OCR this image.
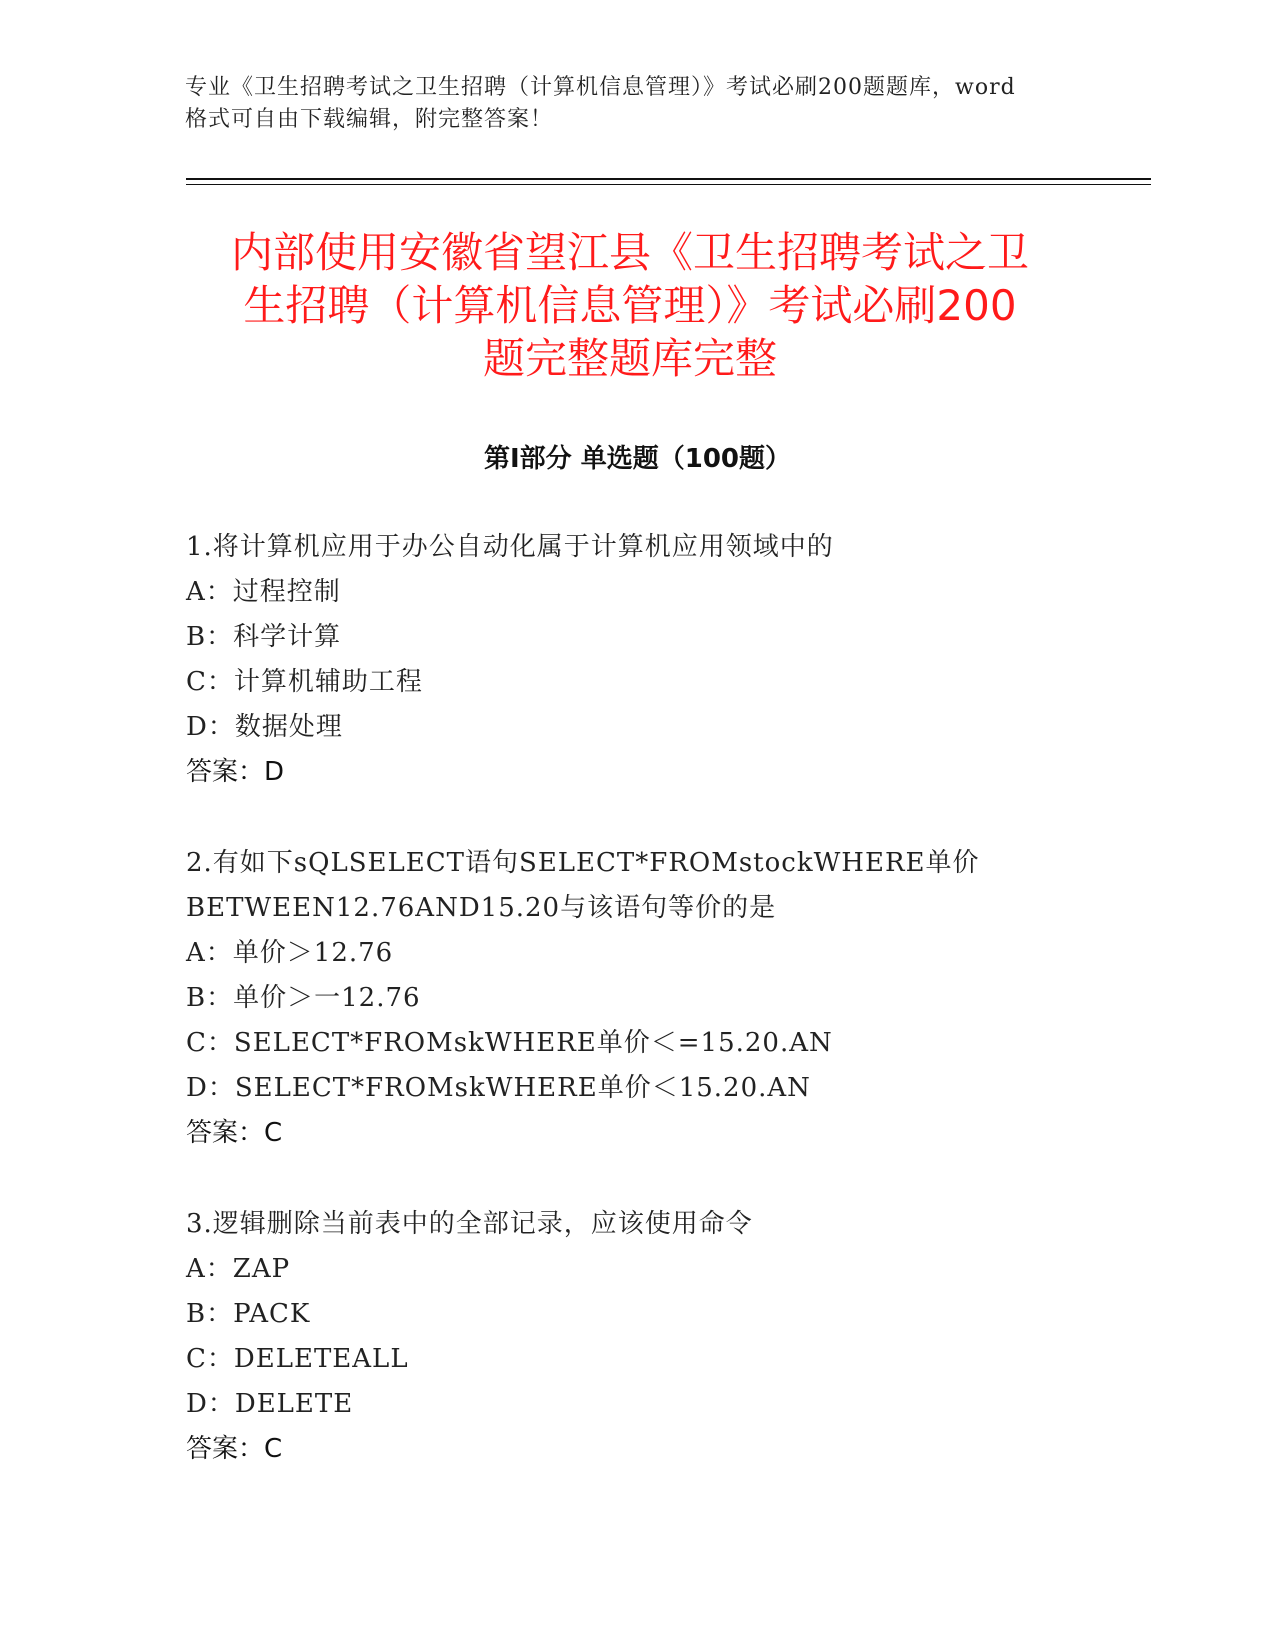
专业《卫生招聘考试之卫生招聘（计算机信息管理）》考试必刷200题题库，word
格式可自由下载编辑，附完整答案！
内部使用安徽省望江县《卫生招聘考试之卫
生招聘（计算机信息管理）》考试必刷200
题完整题库完整
第Ⅰ部分 单选题（100题）
1.将计算机应用于办公自动化属于计算机应用领域中的
A：过程控制
B：科学计算
C：计算机辅助工程
D：数据处理
答案：D
2.有如下sQLSELECT语句SELECT*FROMstockWHERE单价
BETWEEN12.76AND15.20与该语句等价的是
A：单价＞12.76
B：单价＞一12.76
C：SELECT*FROMskWHERE单价＜=15.20.AN
D：SELECT*FROMskWHERE单价＜15.20.AN
答案：C
3.逻辑删除当前表中的全部记录，应该使用命令
A：ZAP
B：PACK
C：DELETEALL
D：DELETE
答案：C
